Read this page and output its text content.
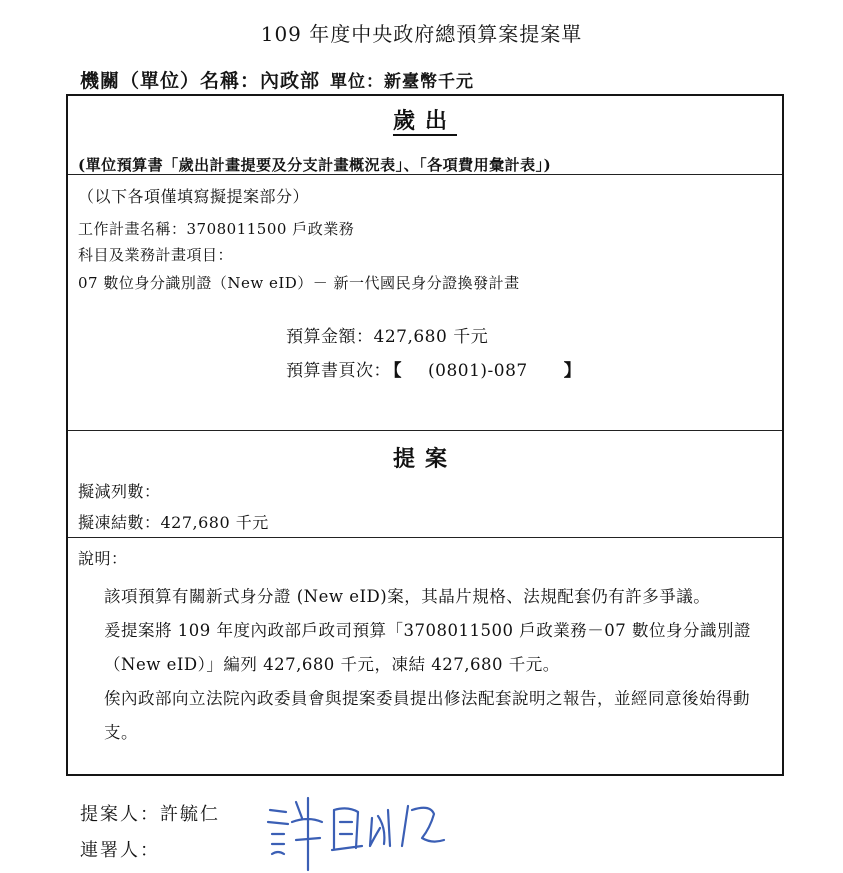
109 年度中央政府總預算案提案單
機關（單位）名稱：內政部 單位：新臺幣千元
歲出
(單位預算書「歲出計畫提要及分支計畫概況表」、「各項費用彙計表」)
（以下各項僅填寫擬提案部分）
工作計畫名稱：3708011500 戶政業務
科目及業務計畫項目：
07 數位身分識別證（New eID）－ 新一代國民身分證換發計畫
預算金額：427,680 千元
預算書頁次： 【 (0801)-087 】
提案
擬減列數：
擬凍結數：427,680 千元
說明：
該項預算有關新式身分證 (New eID)案，其晶片規格、法規配套仍有許多爭議。
爰提案將 109 年度內政部戶政司預算「3708011500 戶政業務－07 數位身分識別證（New eID）」編列 427,680 千元，凍結 427,680 千元。
俟內政部向立法院內政委員會與提案委員提出修法配套說明之報告，並經同意後始得動支。
提案人：許毓仁
連署人：
